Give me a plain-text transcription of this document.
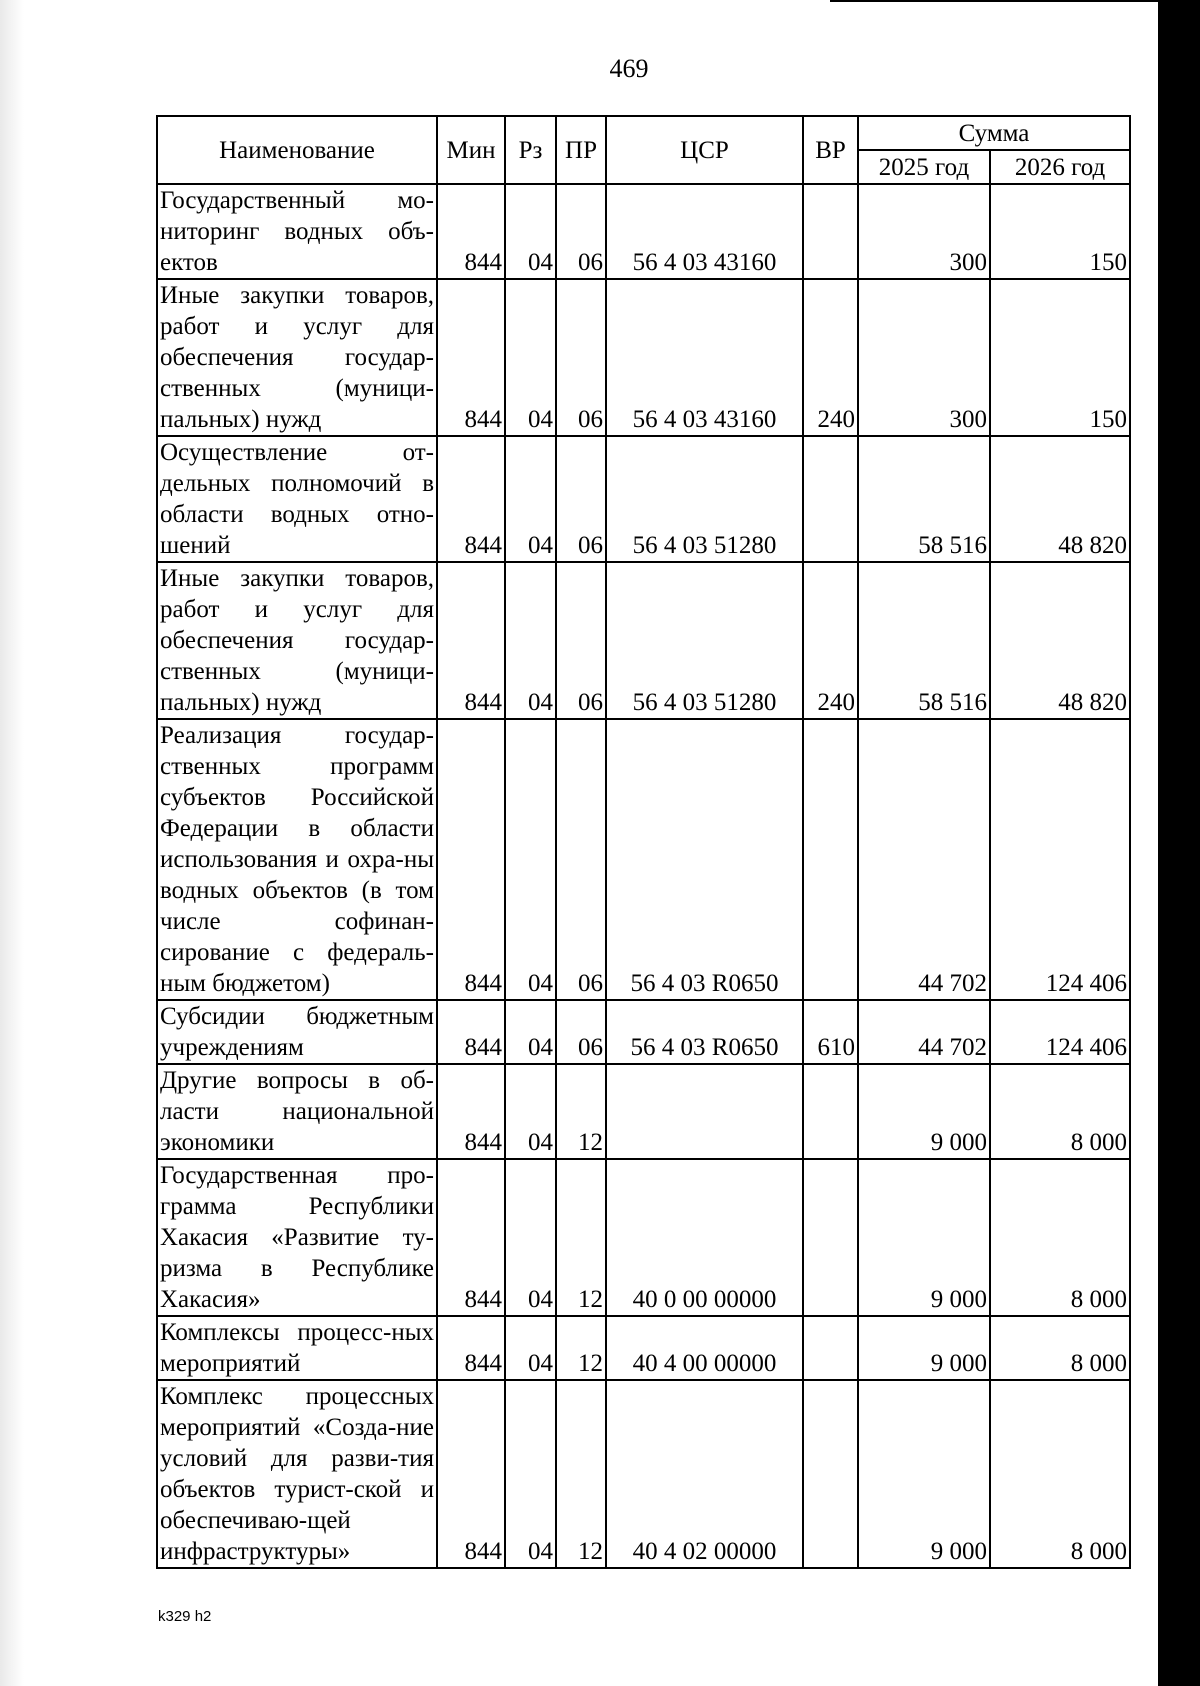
469
Наименование	Мин	Рз	ПР	ЦСР	ВР	Сумма	
						2025 год	2026 год
Государственный мо-ниторинг водных объ-ектов	844	04	06	56 4 03 43160		300	150
Иные закупки товаров, работ и услуг для обеспечения государ-ственных (муници-пальных) нужд	844	04	06	56 4 03 43160	240	300	150
Осуществление от-дельных полномочий в области водных отно-шений	844	04	06	56 4 03 51280		58 516	48 820
Иные закупки товаров, работ и услуг для обеспечения государ-ственных (муници-пальных) нужд	844	04	06	56 4 03 51280	240	58 516	48 820
Реализация государ-ственных программ субъектов Российской Федерации в области использования и охра-ны водных объектов (в том числе софинан-сирование с федераль-ным бюджетом)	844	04	06	56 4 03 R0650		44 702	124 406
Субсидии бюджетным учреждениям	844	04	06	56 4 03 R0650	610	44 702	124 406
Другие вопросы в об-ласти национальной экономики	844	04	12			9 000	8 000
Государственная про-грамма Республики Хакасия «Развитие ту-ризма в Республике Хакасия»	844	04	12	40 0 00 00000		9 000	8 000
Комплексы процесс-ных мероприятий	844	04	12	40 4 00 00000		9 000	8 000
Комплекс процессных мероприятий «Созда-ние условий для разви-тия объектов турист-ской и обеспечиваю-щей инфраструктуры»	844	04	12	40 4 02 00000		9 000	8 000
k329 h2
